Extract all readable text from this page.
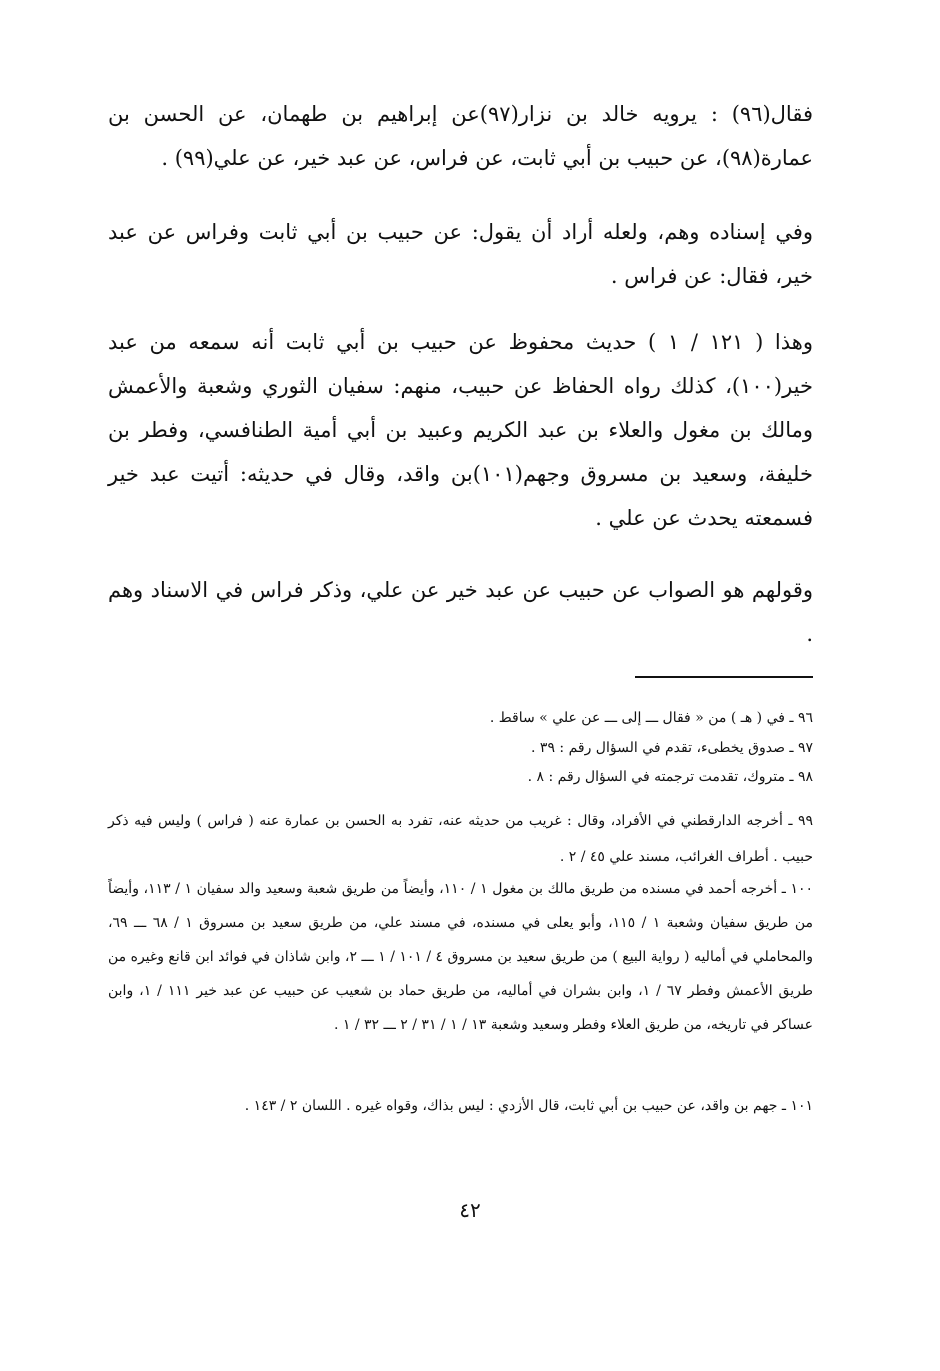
فقال(٩٦) : يرويه خالد بن نزار(٩٧)عن إبراهيم بن طهمان، عن الحسن بن عمارة(٩٨)، عن حبيب بن أبي ثابت، عن فراس، عن عبد خير، عن علي(٩٩) .

وفي إسناده وهم، ولعله أراد أن يقول: عن حبيب بن أبي ثابت وفراس عن عبد خير، فقال: عن فراس .

وهذا ( ١٢١ / ١ ) حديث محفوظ عن حبيب بن أبي ثابت أنه سمعه من عبد خير(١٠٠)، كذلك رواه الحفاظ عن حبيب، منهم: سفيان الثوري وشعبة والأعمش ومالك بن مغول والعلاء بن عبد الكريم وعبيد بن أبي أمية الطنافسي، وفطر بن خليفة، وسعيد بن مسروق وجهم(١٠١)بن واقد، وقال في حديثه: أتيت عبد خير فسمعته يحدث عن علي .

وقولهم هو الصواب عن حبيب عن عبد خير عن علي، وذكر فراس في الاسناد وهم .

٩٦ ـ في ( هـ ) من « فقال ـــ إلى ـــ عن علي » ساقط .

٩٧ ـ صدوق يخطىء، تقدم في السؤال رقم : ٣٩ .

٩٨ ـ متروك، تقدمت ترجمته في السؤال رقم : ٨ .

٩٩ ـ أخرجه الدارقطني في الأفراد، وقال : غريب من حديثه عنه، تفرد به الحسن بن عمارة عنه ( فراس ) وليس فيه ذكر حبيب . أطراف الغرائب، مسند علي ٤٥ / ٢ .

١٠٠ ـ أخرجه أحمد في مسنده من طريق مالك بن مغول ١ / ١١٠، وأيضاً من طريق شعبة وسعيد والد سفيان ١ / ١١٣، وأيضاً من طريق سفيان وشعبة ١ / ١١٥، وأبو يعلى في مسنده، في مسند علي، من طريق سعيد بن مسروق ١ / ٦٨ ـــ ٦٩، والمحاملي في أماليه ( رواية البيع ) من طريق سعيد بن مسروق ٤ / ١٠١ / ١ ـــ ٢، وابن شاذان في فوائد ابن قانع وغيره من طريق الأعمش وفطر ٦٧ / ١، وابن بشران في أماليه، من طريق حماد بن شعيب عن حبيب عن عبد خير ١١١ / ١، وابن عساكر في تاريخه، من طريق العلاء وفطر وسعيد وشعبة ١٣ / ١ / ٣١ / ٢ ـــ ٣٢ / ١ .

١٠١ ـ جهم بن واقد، عن حبيب بن أبي ثابت، قال الأزدي : ليس بذاك، وقواه غيره . اللسان ٢ / ١٤٣ .

٤٢
